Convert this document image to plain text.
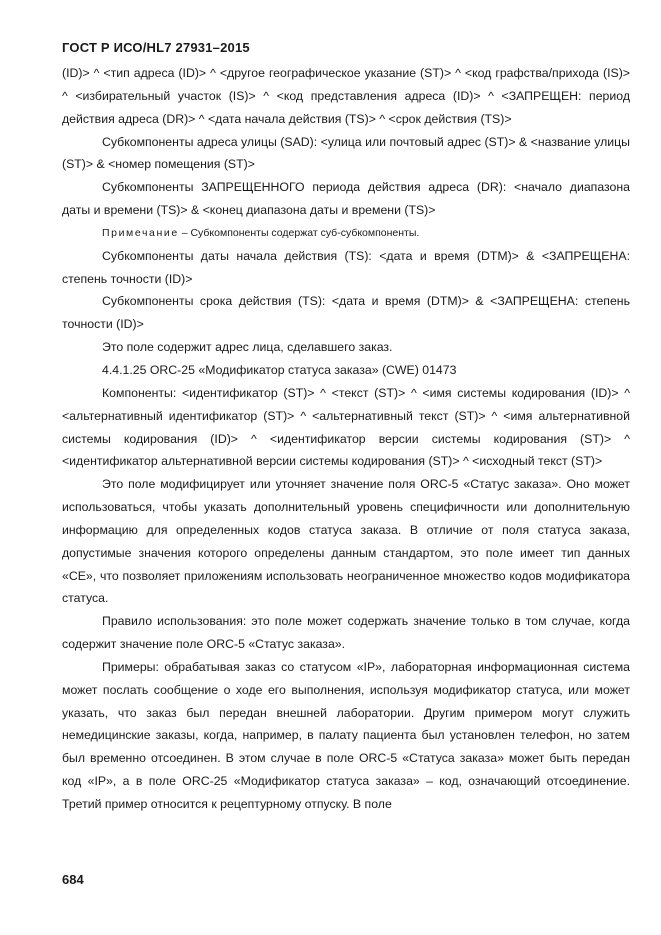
ГОСТ Р ИСО/HL7 27931–2015

(ID)> ^ <тип адреса (ID)> ^ <другое географическое указание (ST)> ^ <код графства/прихода (IS)> ^ <избирательный участок (IS)> ^ <код представления адреса (ID)> ^ <ЗАПРЕЩЕН: период действия адреса (DR)> ^ <дата начала действия (TS)> ^ <срок действия (TS)>

Субкомпоненты адреса улицы (SAD): <улица или почтовый адрес (ST)> & <название улицы (ST)> & <номер помещения (ST)>

Субкомпоненты ЗАПРЕЩЕННОГО периода действия адреса (DR): <начало диапазона даты и времени (TS)> & <конец диапазона даты и времени (TS)>

Примечание – Субкомпоненты содержат суб-субкомпоненты.

Субкомпоненты даты начала действия (TS): <дата и время (DTM)> & <ЗАПРЕЩЕНА: степень точности (ID)>

Субкомпоненты срока действия (TS): <дата и время (DTM)> & <ЗАПРЕЩЕНА: степень точности (ID)>

Это поле содержит адрес лица, сделавшего заказ.

4.4.1.25 ORC-25 «Модификатор статуса заказа» (CWE) 01473

Компоненты: <идентификатор (ST)> ^ <текст (ST)> ^ <имя системы кодирования (ID)> ^ <альтернативный идентификатор (ST)> ^ <альтернативный текст (ST)> ^ <имя альтернативной системы кодирования (ID)> ^ <идентификатор версии системы кодирования (ST)> ^ <идентификатор альтернативной версии системы кодирования (ST)> ^ <исходный текст (ST)>

Это поле модифицирует или уточняет значение поля ORC-5 «Статус заказа». Оно может использоваться, чтобы указать дополнительный уровень специфичности или дополнительную информацию для определенных кодов статуса заказа. В отличие от поля статуса заказа, допустимые значения которого определены данным стандартом, это поле имеет тип данных «CE», что позволяет приложениям использовать неограниченное множество кодов модификатора статуса.

Правило использования: это поле может содержать значение только в том случае, когда содержит значение поле ORC-5 «Статус заказа».

Примеры: обрабатывая заказ со статусом «IP», лабораторная информационная система может послать сообщение о ходе его выполнения, используя модификатор статуса, или может указать, что заказ был передан внешней лаборатории. Другим примером могут служить немедицинские заказы, когда, например, в палату пациента был установлен телефон, но затем был временно отсоединен. В этом случае в поле ORC-5 «Статуса заказа» может быть передан код «IP», а в поле ORC-25 «Модификатор статуса заказа» – код, означающий отсоединение. Третий пример относится к рецептурному отпуску. В поле

684
